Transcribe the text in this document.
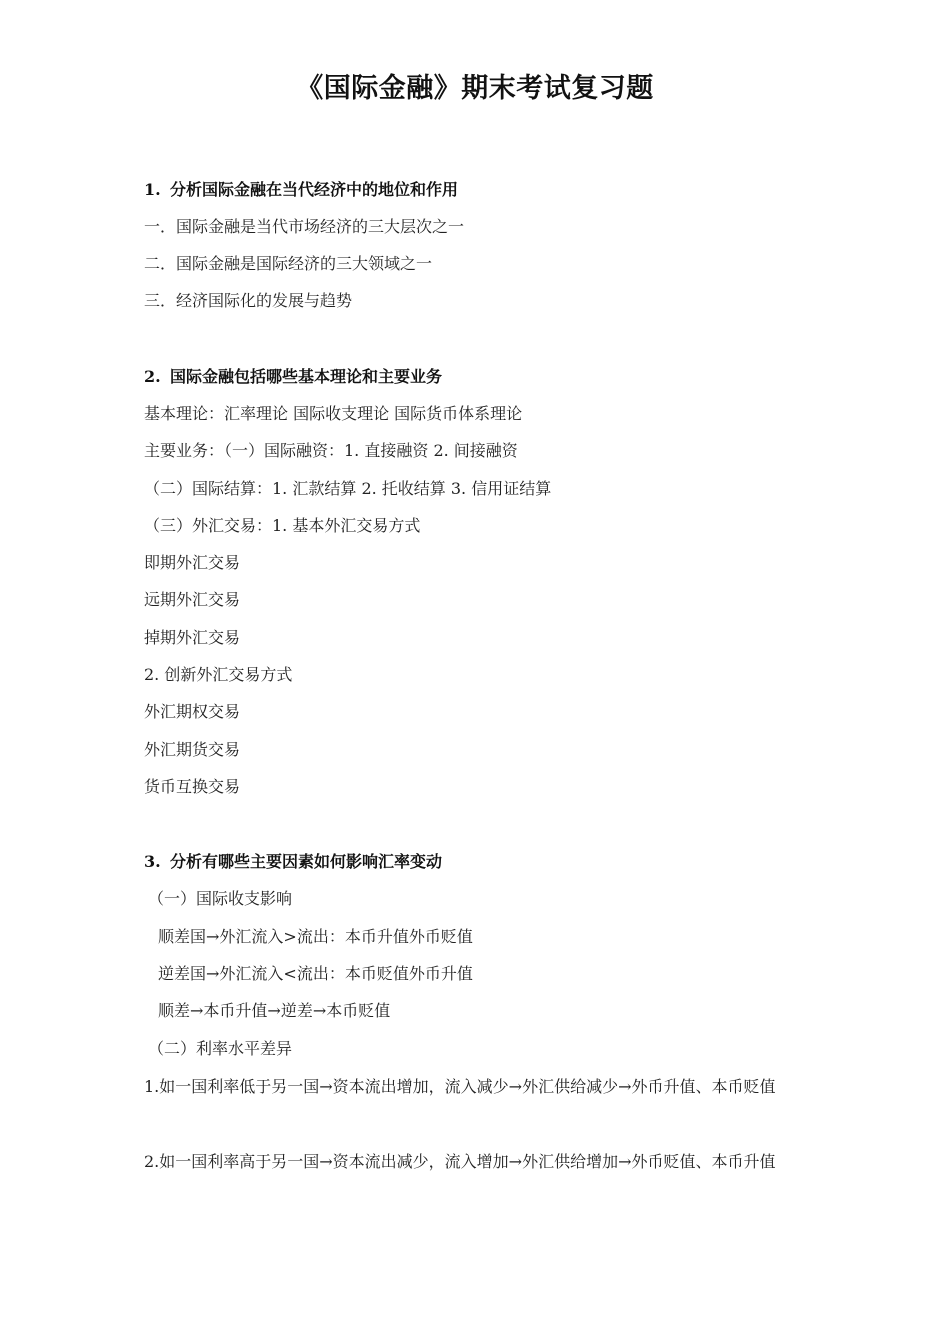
《国际金融》期末考试复习题
1. 分析国际金融在当代经济中的地位和作用
一．国际金融是当代市场经济的三大层次之一
二．国际金融是国际经济的三大领域之一
三．经济国际化的发展与趋势
2. 国际金融包括哪些基本理论和主要业务
基本理论：汇率理论 国际收支理论 国际货币体系理论
主要业务：（一）国际融资：1. 直接融资 2. 间接融资
（二）国际结算：1. 汇款结算 2. 托收结算 3. 信用证结算
（三）外汇交易：1. 基本外汇交易方式
即期外汇交易
远期外汇交易
掉期外汇交易
2. 创新外汇交易方式
外汇期权交易
外汇期货交易
货币互换交易
3. 分析有哪些主要因素如何影响汇率变动
（一）国际收支影响
顺差国→外汇流入>流出：本币升值外币贬值
逆差国→外汇流入<流出：本币贬值外币升值
顺差→本币升值→逆差→本币贬值
（二）利率水平差异
1.如一国利率低于另一国→资本流出增加，流入减少→外汇供给减少→外币升值、本币贬值
2.如一国利率高于另一国→资本流出减少，流入增加→外汇供给增加→外币贬值、本币升值
